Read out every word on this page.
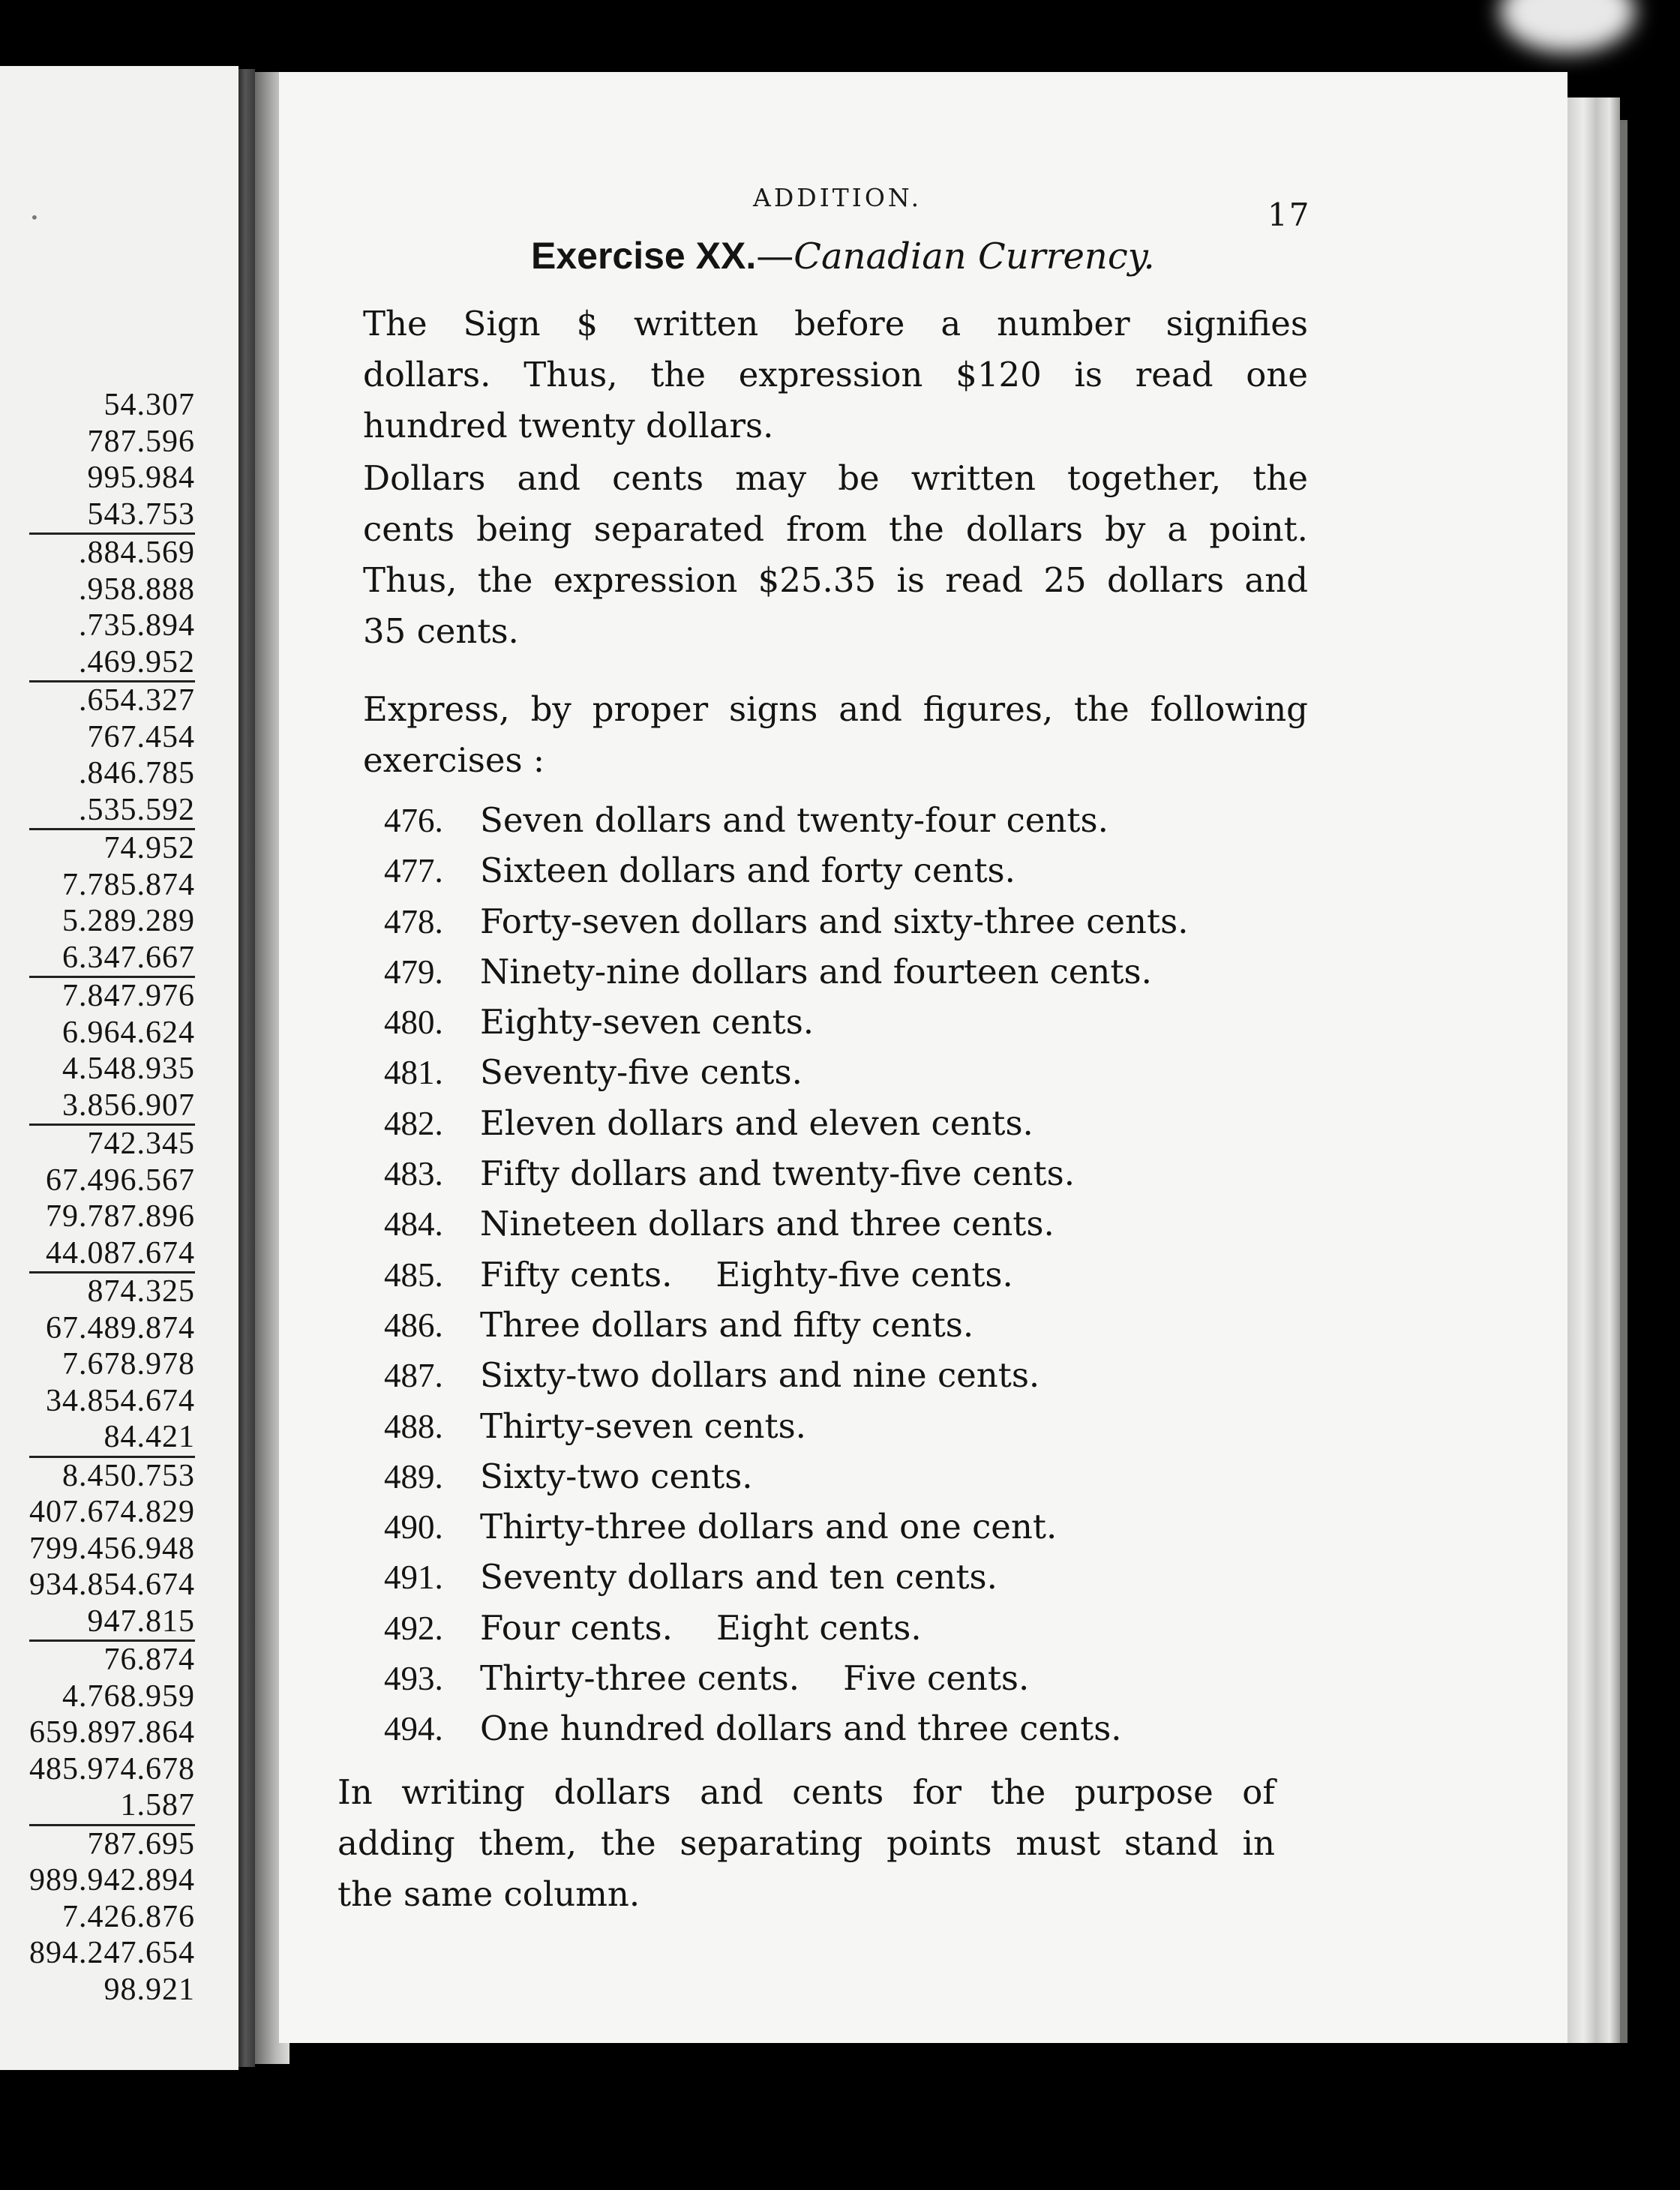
•
54.307
787.596
995.984
543.753
.884.569
.958.888
.735.894
.469.952
.654.327
767.454
.846.785
.535.592
74.952
7.785.874
5.289.289
6.347.667
7.847.976
6.964.624
4.548.935
3.856.907
742.345
67.496.567
79.787.896
44.087.674
874.325
67.489.874
7.678.978
34.854.674
84.421
8.450.753
407.674.829
799.456.948
934.854.674
947.815
76.874
4.768.959
659.897.864
485.974.678
1.587
787.695
989.942.894
7.426.876
894.247.654
98.921
ADDITION.	17
Exercise XX.—Canadian Currency.
The Sign $ written before a number signifies
dollars. Thus, the expression $120 is read one
hundred twenty dollars.
Dollars and cents may be written together, the
cents being separated from the dollars by a point.
Thus, the expression $25.35 is read 25 dollars and
35 cents.
Express, by proper signs and figures, the following
exercises :
476. Seven dollars and twenty-four cents.
477. Sixteen dollars and forty cents.
478. Forty-seven dollars and sixty-three cents.
479. Ninety-nine dollars and fourteen cents.
480. Eighty-seven cents.
481. Seventy-five cents.
482. Eleven dollars and eleven cents.
483. Fifty dollars and twenty-five cents.
484. Nineteen dollars and three cents.
485. Fifty cents. Eighty-five cents.
486. Three dollars and fifty cents.
487. Sixty-two dollars and nine cents.
488. Thirty-seven cents.
489. Sixty-two cents.
490. Thirty-three dollars and one cent.
491. Seventy dollars and ten cents.
492. Four cents. Eight cents.
493. Thirty-three cents. Five cents.
494. One hundred dollars and three cents.
In writing dollars and cents for the purpose of
adding them, the separating points must stand in
the same column.
